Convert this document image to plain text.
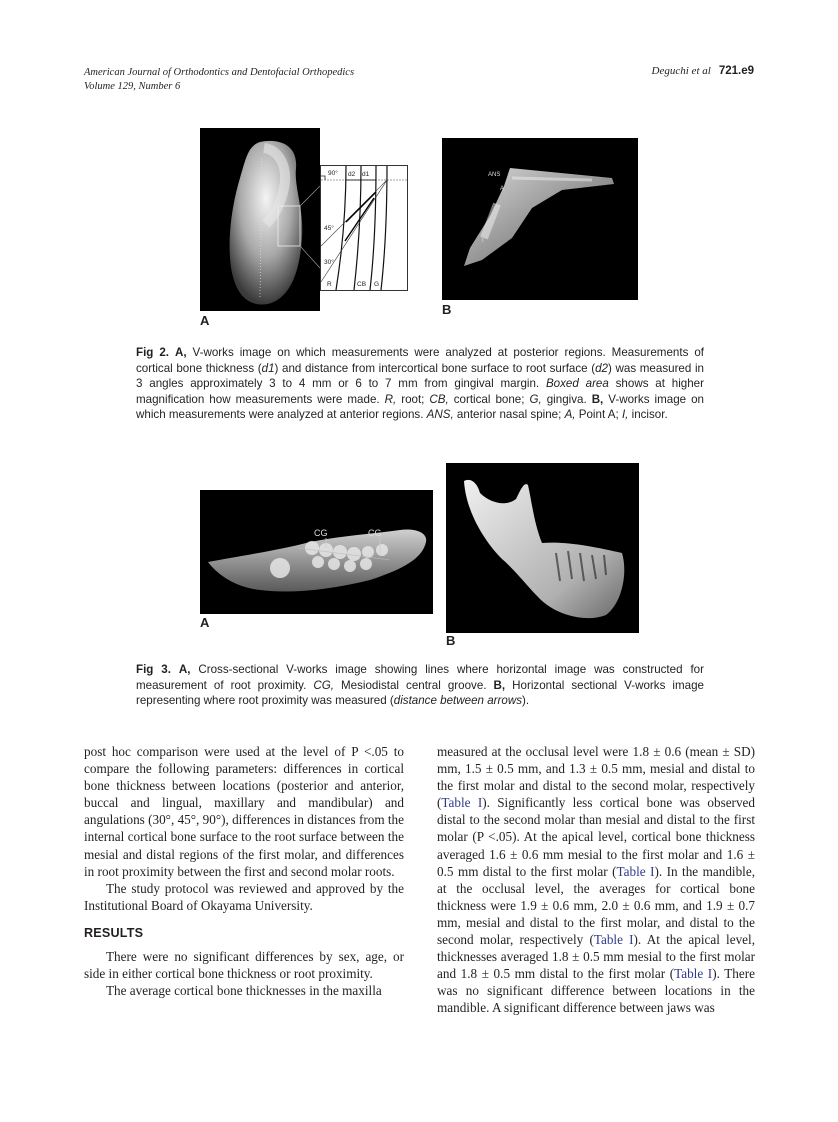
American Journal of Orthodontics and Dentofacial Orthopedics
Volume 129, Number 6
Deguchi et al 721.e9
90° d2 d1
45°
30°
R	CB G
A
ANS
A
I
B
Fig 2. A, V-works image on which measurements were analyzed at posterior regions. Measurements of cortical bone thickness (d1) and distance from intercortical bone surface to root surface (d2) was measured in 3 angles approximately 3 to 4 mm or 6 to 7 mm from gingival margin. Boxed area shows at higher magnification how measurements were made. R, root; CB, cortical bone; G, gingiva. B, V-works image on which measurements were analyzed at anterior regions. ANS, anterior nasal spine; A, Point A; I, incisor.
CG	CG
A
B
Fig 3. A, Cross-sectional V-works image showing lines where horizontal image was constructed for measurement of root proximity. CG, Mesiodistal central groove. B, Horizontal sectional V-works image representing where root proximity was measured (distance between arrows).

post hoc comparison were used at the level of P <.05 to compare the following parameters: differences in cortical bone thickness between locations (posterior and anterior, buccal and lingual, maxillary and mandibular) and angulations (30°, 45°, 90°), differences in distances from the internal cortical bone surface to the root surface between the mesial and distal regions of the first molar, and differences in root proximity between the first and second molar roots.

The study protocol was reviewed and approved by the Institutional Board of Okayama University.

RESULTS

There were no significant differences by sex, age, or side in either cortical bone thickness or root proximity.

The average cortical bone thicknesses in the maxilla

measured at the occlusal level were 1.8 ± 0.6 (mean ± SD) mm, 1.5 ± 0.5 mm, and 1.3 ± 0.5 mm, mesial and distal to the first molar and distal to the second molar, respectively (Table I). Significantly less cortical bone was observed distal to the second molar than mesial and distal to the first molar (P <.05). At the apical level, cortical bone thickness averaged 1.6 ± 0.6 mm mesial to the first molar and 1.6 ± 0.5 mm distal to the first molar (Table I). In the mandible, at the occlusal level, the averages for cortical bone thickness were 1.9 ± 0.6 mm, 2.0 ± 0.6 mm, and 1.9 ± 0.7 mm, mesial and distal to the first molar, and distal to the second molar, respectively (Table I). At the apical level, thicknesses averaged 1.8 ± 0.5 mm mesial to the first molar and 1.8 ± 0.5 mm distal to the first molar (Table I). There was no significant difference between locations in the mandible. A significant difference between jaws was
